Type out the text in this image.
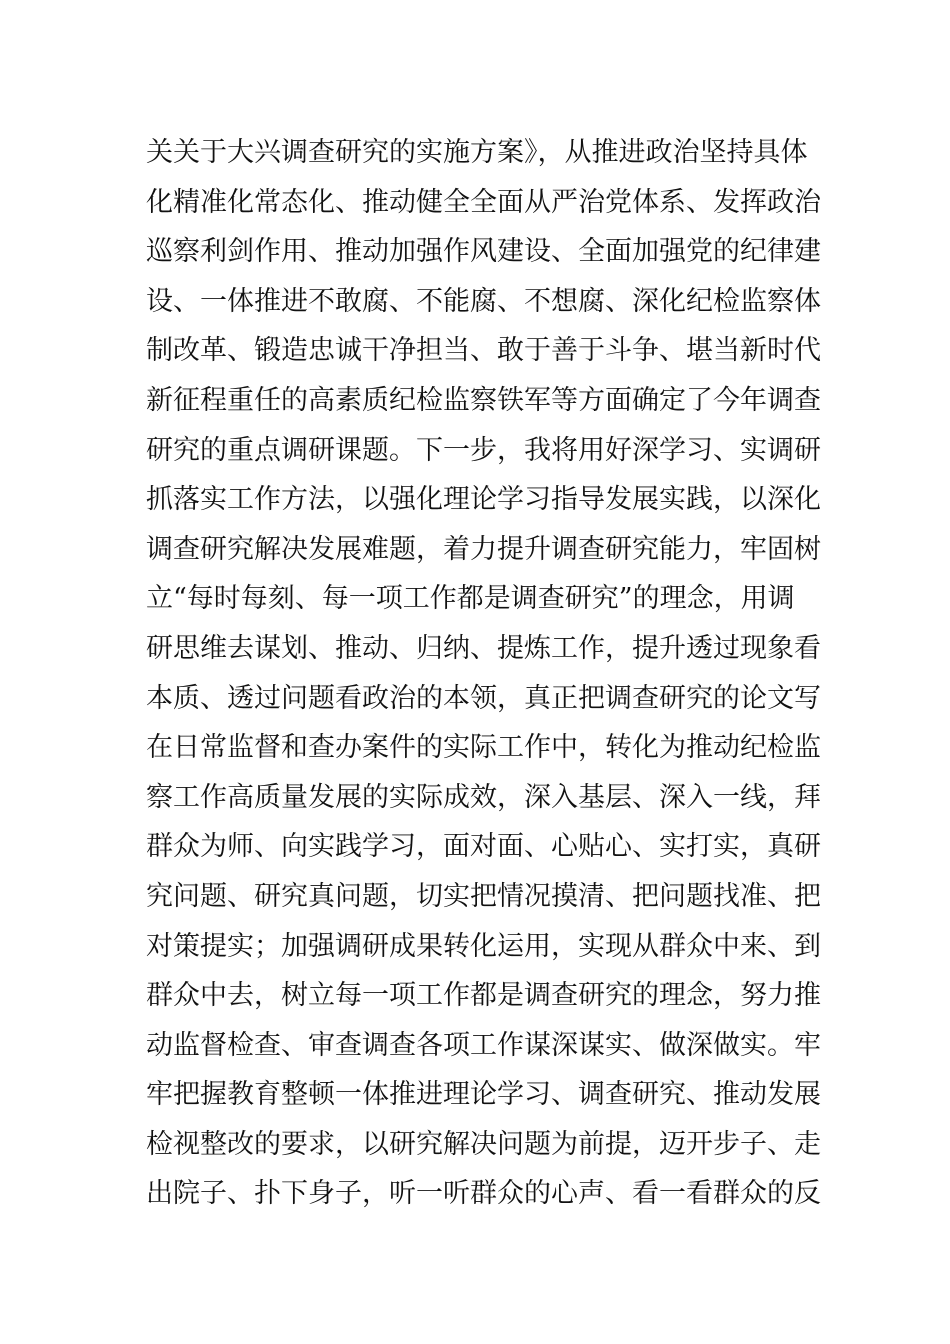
关关于大兴调查研究的实施方案》，从推进政治坚持具体
化精准化常态化、推动健全全面从严治党体系、发挥政治
巡察利剑作用、推动加强作风建设、全面加强党的纪律建
设、一体推进不敢腐、不能腐、不想腐、深化纪检监察体
制改革、锻造忠诚干净担当、敢于善于斗争、堪当新时代
新征程重任的高素质纪检监察铁军等方面确定了今年调查
研究的重点调研课题。下一步，我将用好深学习、实调研
抓落实工作方法，以强化理论学习指导发展实践，以深化
调查研究解决发展难题，着力提升调查研究能力，牢固树
立“每时每刻、每一项工作都是调查研究”的理念，用调
研思维去谋划、推动、归纳、提炼工作，提升透过现象看
本质、透过问题看政治的本领，真正把调查研究的论文写
在日常监督和查办案件的实际工作中，转化为推动纪检监
察工作高质量发展的实际成效，深入基层、深入一线，拜
群众为师、向实践学习，面对面、心贴心、实打实，真研
究问题、研究真问题，切实把情况摸清、把问题找准、把
对策提实；加强调研成果转化运用，实现从群众中来、到
群众中去，树立每一项工作都是调查研究的理念，努力推
动监督检查、审查调查各项工作谋深谋实、做深做实。牢
牢把握教育整顿一体推进理论学习、调查研究、推动发展
检视整改的要求，以研究解决问题为前提，迈开步子、走
出院子、扑下身子，听一听群众的心声、看一看群众的反
